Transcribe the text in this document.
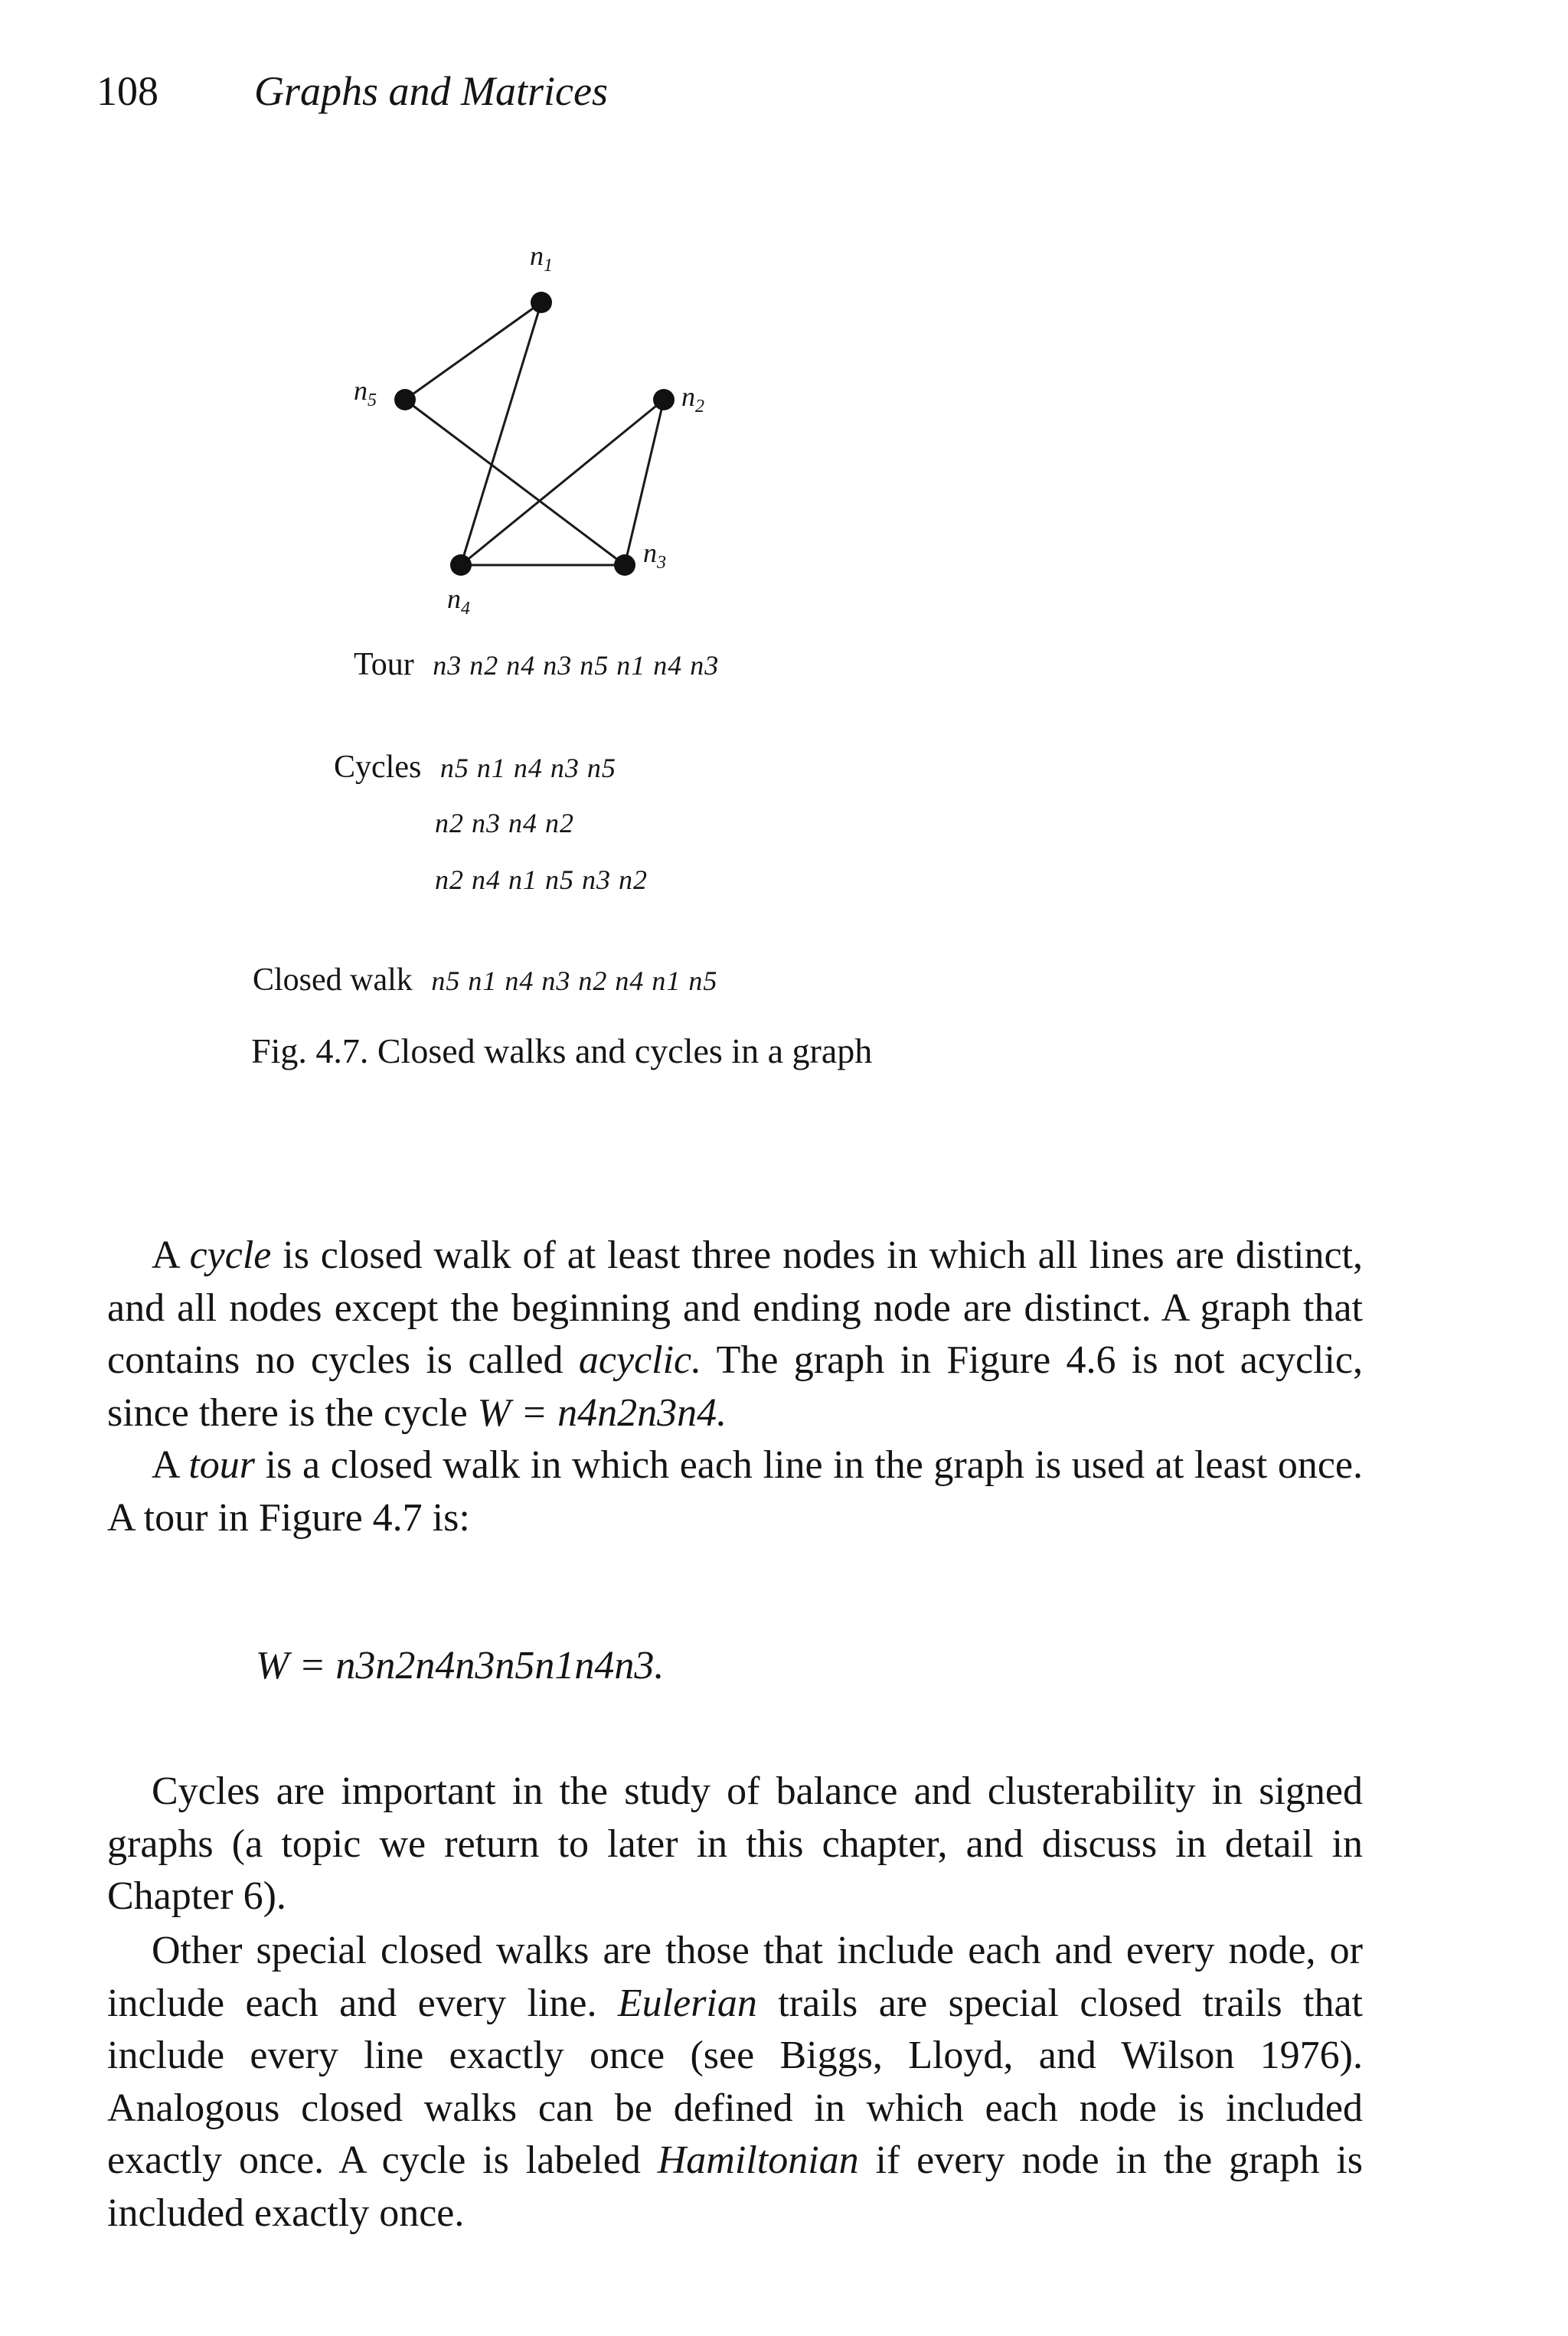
108 Graphs and Matrices
$n_1$
$n_2$
$n_3$
$n_4$
$n_5$
Tour n3 n2 n4 n3 n5 n1 n4 n3
Cycles n5 n1 n4 n3 n5
n2 n3 n4 n2
n2 n4 n1 n5 n3 n2
Closed walk n5 n1 n4 n3 n2 n4 n1 n5
Fig. 4.7. Closed walks and cycles in a graph

A cycle is closed walk of at least three nodes in which all lines are distinct, and all nodes except the beginning and ending node are distinct. A graph that contains no cycles is called acyclic. The graph in Figure 4.6 is not acyclic, since there is the cycle W = n4n2n3n4.

A tour is a closed walk in which each line in the graph is used at least once. A tour in Figure 4.7 is:

W = n3n2n4n3n5n1n4n3.

Cycles are important in the study of balance and clusterability in signed graphs (a topic we return to later in this chapter, and discuss in detail in Chapter 6).

Other special closed walks are those that include each and every node, or include each and every line. Eulerian trails are special closed trails that include every line exactly once (see Biggs, Lloyd, and Wilson 1976). Analogous closed walks can be defined in which each node is included exactly once. A cycle is labeled Hamiltonian if every node in the graph is included exactly once.
